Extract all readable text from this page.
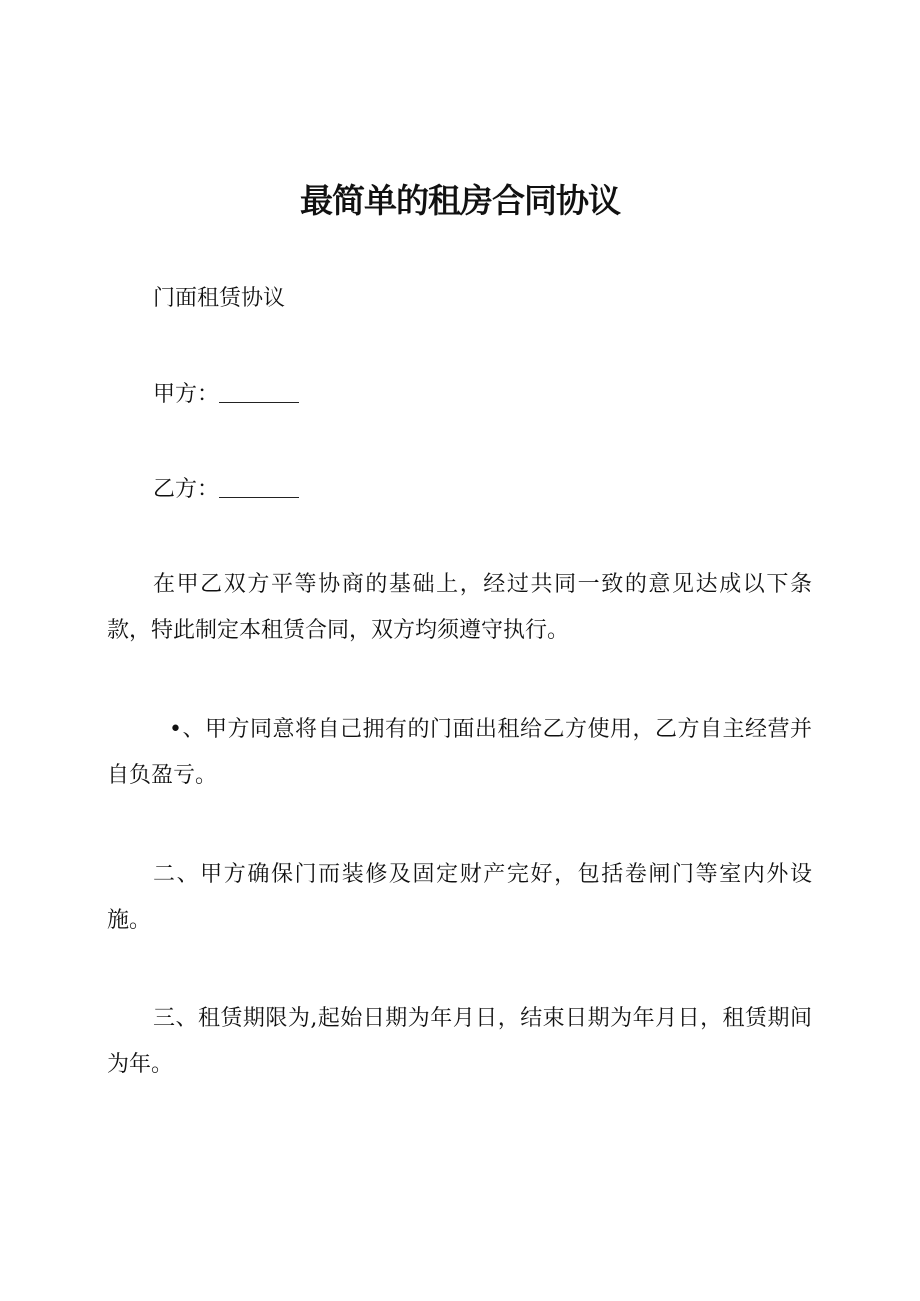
最简单的租房合同协议

门面租赁协议

甲方：

乙方：

在甲乙双方平等协商的基础上，经过共同一致的意见达成以下条款，特此制定本租赁合同，双方均须遵守执行。

•、甲方同意将自己拥有的门面出租给乙方使用，乙方自主经营并自负盈亏。

二、甲方确保门而装修及固定财产完好，包括卷闸门等室内外设施。

三、租赁期限为,起始日期为年月日，结束日期为年月日，租赁期间为年。
